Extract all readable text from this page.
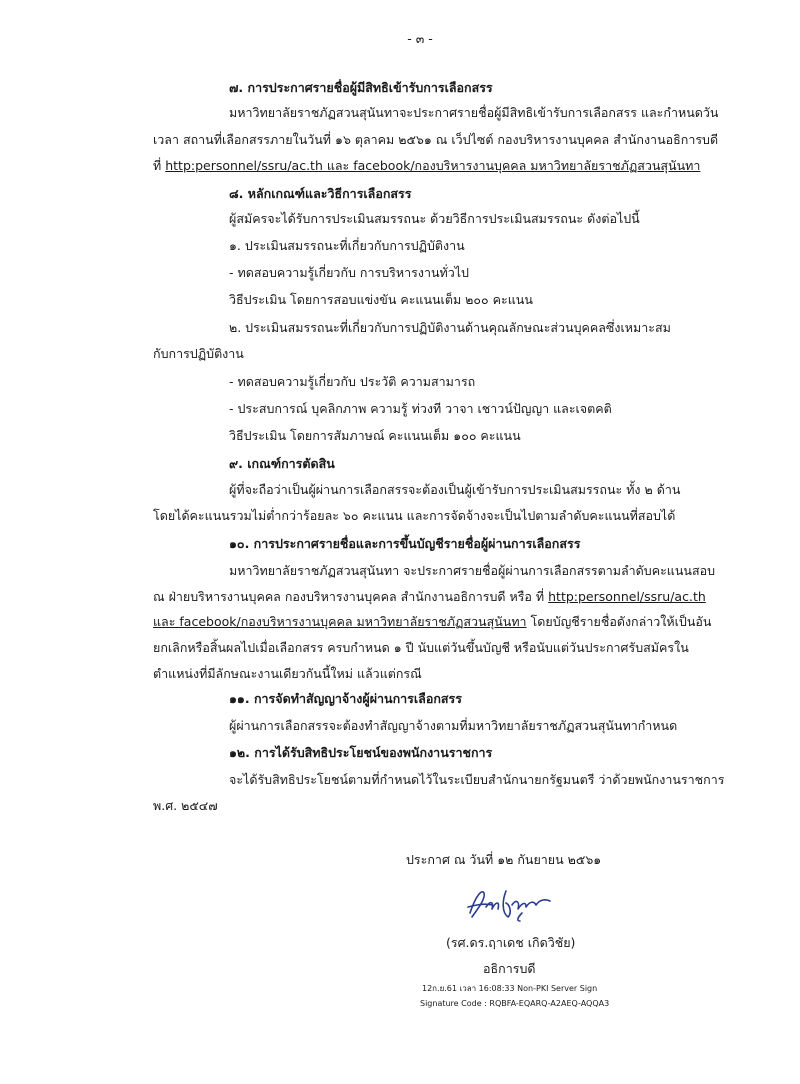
- ๓ -
๗. การประกาศรายชื่อผู้มีสิทธิเข้ารับการเลือกสรร
มหาวิทยาลัยราชภัฏสวนสุนันทาจะประกาศรายชื่อผู้มีสิทธิเข้ารับการเลือกสรร และกำหนดวัน
เวลา สถานที่เลือกสรรภายในวันที่ ๑๖ ตุลาคม ๒๕๖๑ ณ เว็ปไซต์ กองบริหารงานบุคคล สำนักงานอธิการบดี
ที่ http:personnel/ssru/ac.th และ facebook/กองบริหารงานบุคคล มหาวิทยาลัยราชภัฏสวนสุนันทา
๘. หลักเกณฑ์และวิธีการเลือกสรร
ผู้สมัครจะได้รับการประเมินสมรรถนะ ด้วยวิธีการประเมินสมรรถนะ ดังต่อไปนี้
๑. ประเมินสมรรถนะที่เกี่ยวกับการปฏิบัติงาน
- ทดสอบความรู้เกี่ยวกับ การบริหารงานทั่วไป
วิธีประเมิน โดยการสอบแข่งขัน คะแนนเต็ม ๒๐๐ คะแนน
๒. ประเมินสมรรถนะที่เกี่ยวกับการปฏิบัติงานด้านคุณลักษณะส่วนบุคคลซึ่งเหมาะสม
กับการปฏิบัติงาน
- ทดสอบความรู้เกี่ยวกับ ประวัติ ความสามารถ
- ประสบการณ์ บุคลิกภาพ ความรู้ ท่วงที วาจา เชาวน์ปัญญา และเจตคติ
วิธีประเมิน โดยการสัมภาษณ์ คะแนนเต็ม ๑๐๐ คะแนน
๙. เกณฑ์การตัดสิน
ผู้ที่จะถือว่าเป็นผู้ผ่านการเลือกสรรจะต้องเป็นผู้เข้ารับการประเมินสมรรถนะ ทั้ง ๒ ด้าน
โดยได้คะแนนรวมไม่ต่ำกว่าร้อยละ ๖๐ คะแนน และการจัดจ้างจะเป็นไปตามลำดับคะแนนที่สอบได้
๑๐. การประกาศรายชื่อและการขึ้นบัญชีรายชื่อผู้ผ่านการเลือกสรร
มหาวิทยาลัยราชภัฏสวนสุนันทา จะประกาศรายชื่อผู้ผ่านการเลือกสรรตามลำดับคะแนนสอบ
ณ ฝ่ายบริหารงานบุคคล กองบริหารงานบุคคล สำนักงานอธิการบดี หรือ ที่ http:personnel/ssru/ac.th
และ facebook/กองบริหารงานบุคคล มหาวิทยาลัยราชภัฏสวนสุนันทา โดยบัญชีรายชื่อดังกล่าวให้เป็นอัน
ยกเลิกหรือสิ้นผลไปเมื่อเลือกสรร ครบกำหนด ๑ ปี นับแต่วันขึ้นบัญชี หรือนับแต่วันประกาศรับสมัครใน
ตำแหน่งที่มีลักษณะงานเดียวกันนี้ใหม่ แล้วแต่กรณี
๑๑. การจัดทำสัญญาจ้างผู้ผ่านการเลือกสรร
ผู้ผ่านการเลือกสรรจะต้องทำสัญญาจ้างตามที่มหาวิทยาลัยราชภัฏสวนสุนันทากำหนด
๑๒. การได้รับสิทธิประโยชน์ของพนักงานราชการ
จะได้รับสิทธิประโยชน์ตามที่กำหนดไว้ในระเบียบสำนักนายกรัฐมนตรี ว่าด้วยพนักงานราชการ
พ.ศ. ๒๕๔๗
ประกาศ ณ วันที่ ๑๒ กันยายน ๒๕๖๑
(รศ.ดร.ฤาเดช เกิดวิชัย)
อธิการบดี
12ก.ย.61 เวลา 16:08:33 Non-PKI Server Sign
Signature Code : RQBFA-EQARQ-A2AEQ-AQQA3
